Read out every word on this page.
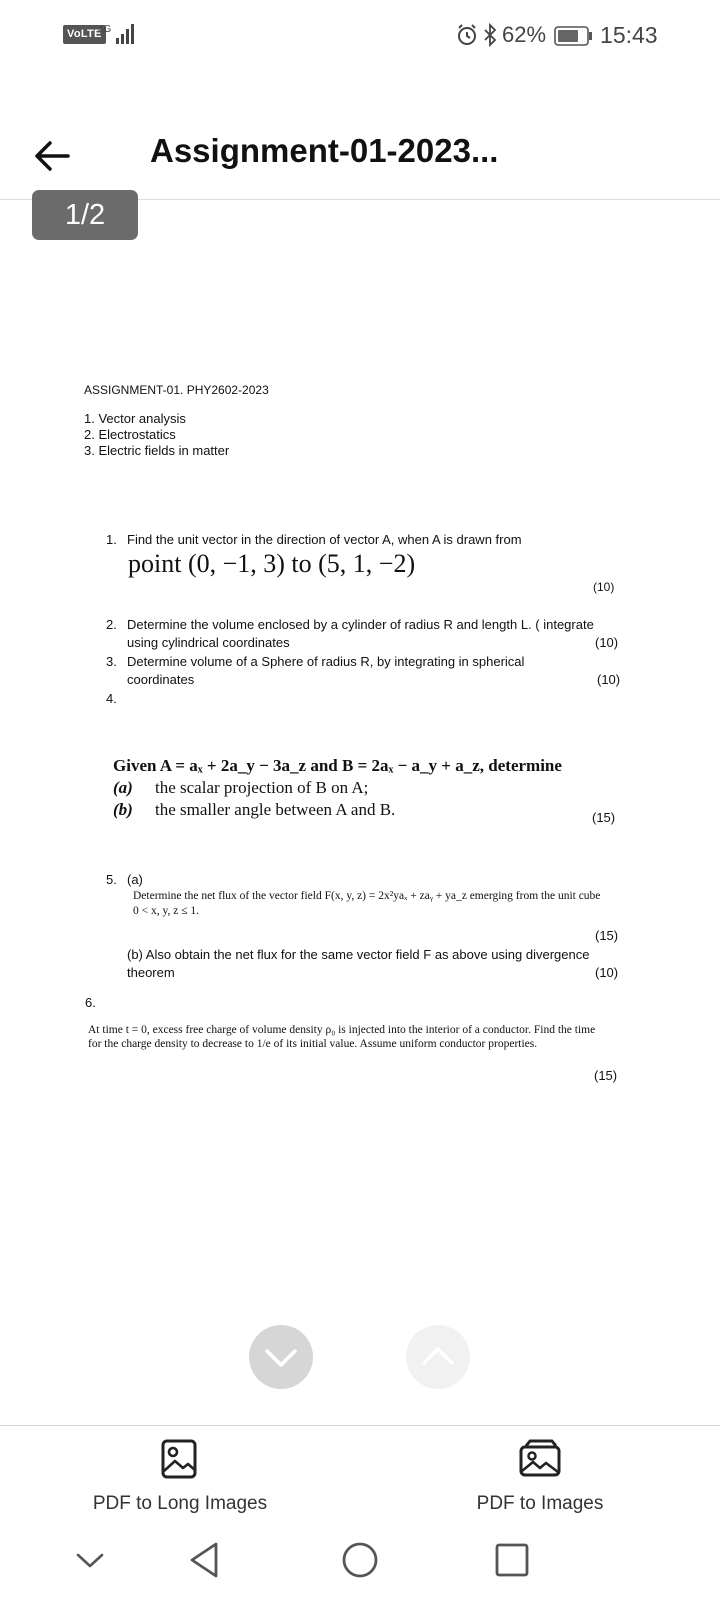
VoLTE
4G	62% 15:43
Assignment-01-2023...
1/2
ASSIGNMENT-01. PHY2602-2023
1. Vector analysis
2. Electrostatics
3. Electric fields in matter
1. Find the unit vector in the direction of vector A, when A is drawn from
point (0, −1, 3) to (5, 1, −2)
(10)
2. Determine the volume enclosed by a cylinder of radius R and length L. ( integrate
using cylindrical coordinates	(10)
3. Determine volume of a Sphere of radius R, by integrating in spherical
coordinates	(10)
4.
Given A = aₓ + 2a_y − 3a_z and B = 2aₓ − a_y + a_z, determine
(a) the scalar projection of B on A;
(b) the smaller angle between A and B.	(15)
5. (a)
Determine the net flux of the vector field F(x, y, z) = 2x²yaₓ + zaᵧ + ya_z emerging from the unit cube
0 < x, y, z ≤ 1.
(15)
(b) Also obtain the net flux for the same vector field F as above using divergence
theorem	(10)
6.
At time t = 0, excess free charge of volume density ρ₀ is injected into the interior of a conductor. Find the time
for the charge density to decrease to 1/e of its initial value. Assume uniform conductor properties.
(15)
PDF to Long Images	PDF to Images
